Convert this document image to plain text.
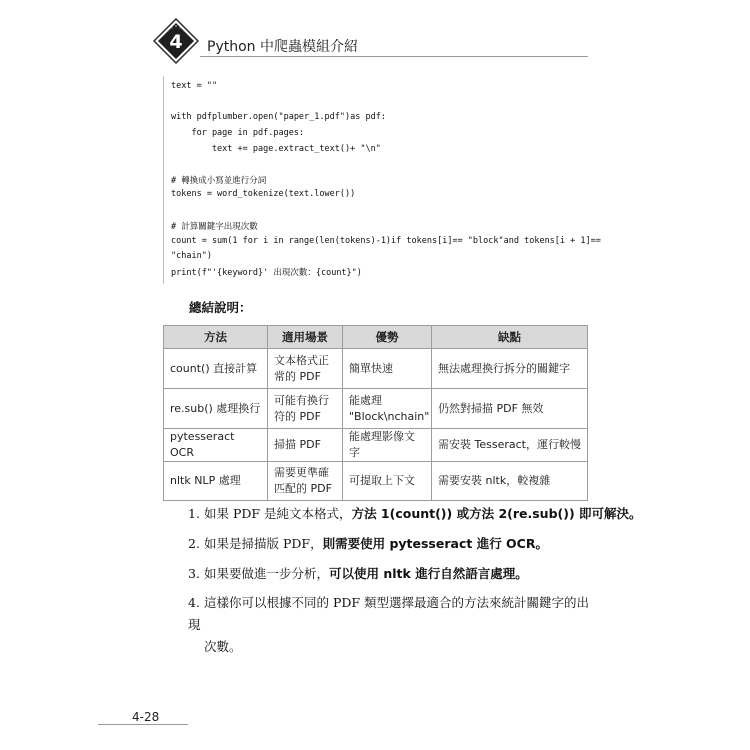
4 Python 中爬蟲模組介紹
text = ""
with pdfplumber.open("paper_1.pdf")as pdf:
for page in pdf.pages:
text += page.extract_text()+ "\n"
# 轉換成小寫並進行分詞
tokens = word_tokenize(text.lower())
# 計算關鍵字出現次數
count = sum(1 for i in range(len(tokens)-1)if tokens[i]== "block"and tokens[i + 1]==
"chain")
print(f"'{keyword}' 出現次數：{count}")
總結說明：
方法	適用場景	優勢	缺點
count() 直接計算	文本格式正常的 PDF	簡單快速	無法處理換行拆分的關鍵字
re.sub() 處理換行	可能有換行符的 PDF	能處理 "Block\nchain"	仍然對掃描 PDF 無效
pytesseract OCR	掃描 PDF	能處理影像文字	需安裝 Tesseract，運行較慢
nltk NLP 處理	需要更準確匹配的 PDF	可提取上下文	需要安裝 nltk，較複雜
1. 如果 PDF 是純文本格式，方法 1(count()) 或方法 2(re.sub()) 即可解決。
2. 如果是掃描版 PDF，則需要使用 pytesseract 進行 OCR。
3. 如果要做進一步分析，可以使用 nltk 進行自然語言處理。
4. 這樣你可以根據不同的 PDF 類型選擇最適合的方法來統計關鍵字的出現
次數。
4-28
